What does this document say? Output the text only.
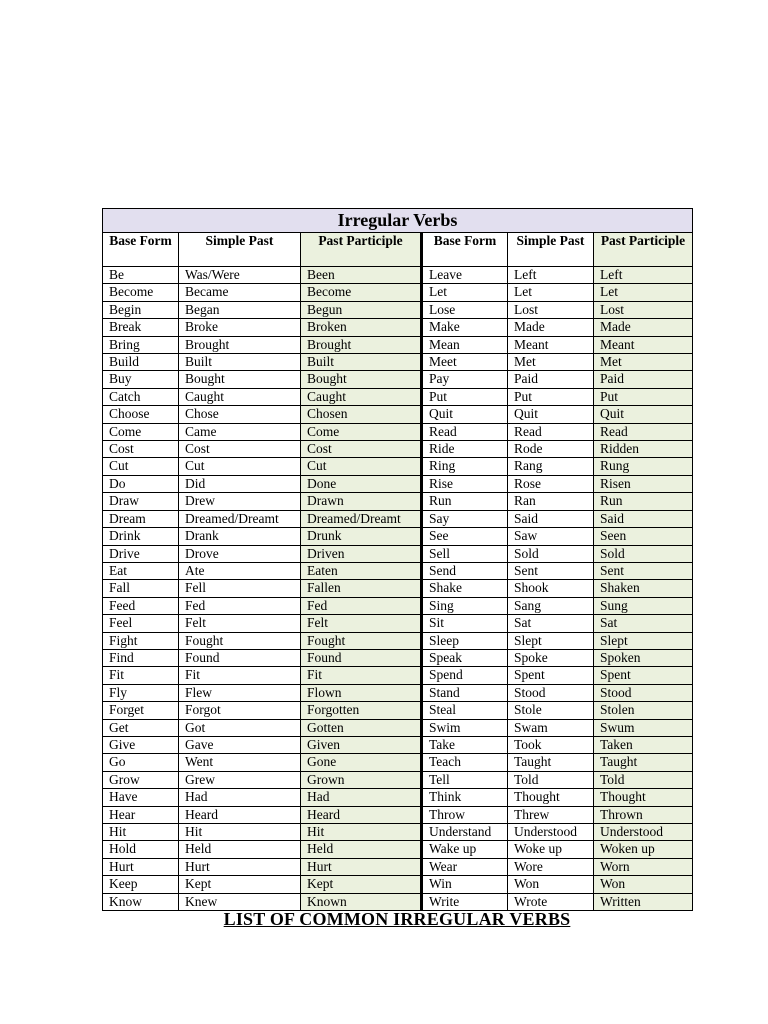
Irregular Verbs					
Base Form	Simple Past	Past Participle	Base Form	Simple Past	Past Participle
Be	Was/Were	Been	Leave	Left	Left
Become	Became	Become	Let	Let	Let
Begin	Began	Begun	Lose	Lost	Lost
Break	Broke	Broken	Make	Made	Made
Bring	Brought	Brought	Mean	Meant	Meant
Build	Built	Built	Meet	Met	Met
Buy	Bought	Bought	Pay	Paid	Paid
Catch	Caught	Caught	Put	Put	Put
Choose	Chose	Chosen	Quit	Quit	Quit
Come	Came	Come	Read	Read	Read
Cost	Cost	Cost	Ride	Rode	Ridden
Cut	Cut	Cut	Ring	Rang	Rung
Do	Did	Done	Rise	Rose	Risen
Draw	Drew	Drawn	Run	Ran	Run
Dream	Dreamed/Dreamt	Dreamed/Dreamt	Say	Said	Said
Drink	Drank	Drunk	See	Saw	Seen
Drive	Drove	Driven	Sell	Sold	Sold
Eat	Ate	Eaten	Send	Sent	Sent
Fall	Fell	Fallen	Shake	Shook	Shaken
Feed	Fed	Fed	Sing	Sang	Sung
Feel	Felt	Felt	Sit	Sat	Sat
Fight	Fought	Fought	Sleep	Slept	Slept
Find	Found	Found	Speak	Spoke	Spoken
Fit	Fit	Fit	Spend	Spent	Spent
Fly	Flew	Flown	Stand	Stood	Stood
Forget	Forgot	Forgotten	Steal	Stole	Stolen
Get	Got	Gotten	Swim	Swam	Swum
Give	Gave	Given	Take	Took	Taken
Go	Went	Gone	Teach	Taught	Taught
Grow	Grew	Grown	Tell	Told	Told
Have	Had	Had	Think	Thought	Thought
Hear	Heard	Heard	Throw	Threw	Thrown
Hit	Hit	Hit	Understand	Understood	Understood
Hold	Held	Held	Wake up	Woke up	Woken up
Hurt	Hurt	Hurt	Wear	Wore	Worn
Keep	Kept	Kept	Win	Won	Won
Know	Knew	Known	Write	Wrote	Written
LIST OF COMMON IRREGULAR VERBS
